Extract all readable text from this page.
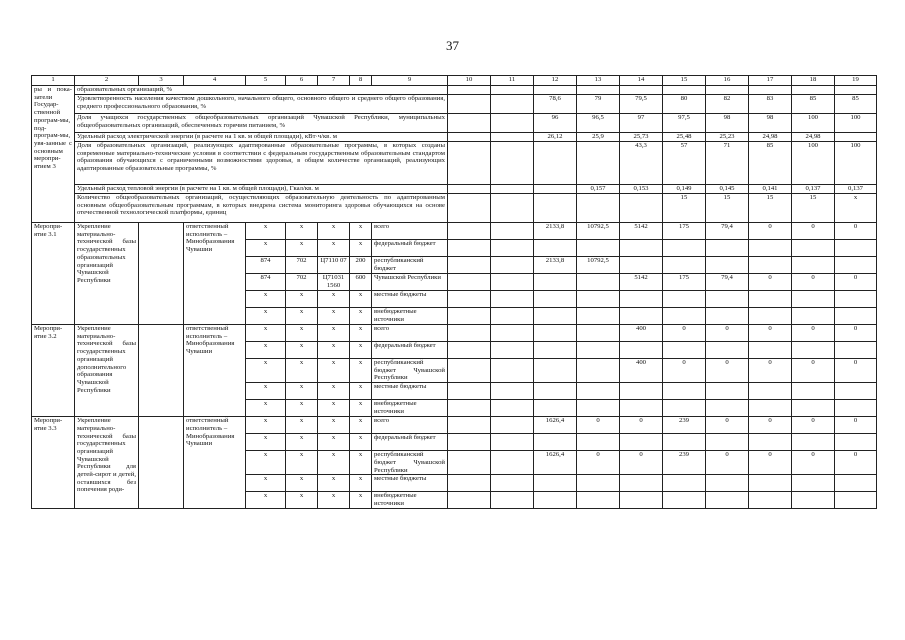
37
1	2	3	4	5	6	7	8	9	10	11	12	13	14	15	16	17	18	19
ры и пока-затели Государ-ственной програм-мы, под-програм-мы, увя-занные с основным меропри-ятием 3	образовательных организаций, %																	
	Удовлетворенность населения качеством дошкольного, начального общего, основного общего и среднего общего образования, среднего профессионального образования, %										78,6	79	79,5	80	82	83	85	85
	Доля учащихся государственных общеобразовательных организаций Чувашской Республики, муниципальных общеобразовательных организаций, обеспеченных горячим питанием, %										96	96,5	97	97,5	98	98	100	100
	Удельный расход электрической энергии (в расчете на 1 кв. м общей площади), кВт·ч/кв. м										26,12	25,9	25,73	25,48	25,23	24,98	24,98	
	Доля образовательных организаций, реализующих адаптированные образовательные программы, в которых созданы современные материально-технические условия в соответствии с федеральным государственным образовательным стандартом образования обучающихся с ограниченными возможностями здоровья, в общем количестве организаций, реализующих адаптированные образовательные программы, %												43,3	57	71	85	100	100
	Удельный расход тепловой энергии (в расчете на 1 кв. м общей площади), Гкал/кв. м											0,157	0,153	0,149	0,145	0,141	0,137	0,137
	Количество общеобразовательных организаций, осуществляющих образовательную деятельность по адаптированным основным общеобразовательным программам, в которых внедрена система мониторинга здоровья обучающихся на основе отечественной технологической платформы, единиц													15	15	15	15	x
Меропри-ятие 3.1	Укрепление материально-технической базы государственных образовательных организаций Чувашской Республики		ответственный исполнитель – Минобразования Чувашии	x	x	x	x	всего			2133,8	10792,5	5142	175	79,4	0	0	0
				x	x	x	x	федеральный бюджет										
				874	702	Ц7110 07	200	республиканский бюджет			2133,8	10792,5						
				874	702	Ц71031 1560	600	Чувашской Республики					5142	175	79,4	0	0	0
				x	x	x	x	местные бюджеты										
				x	x	x	x	внебюджетные источники										
Меропри-ятие 3.2	Укрепление материально-технической базы государственных организаций дополнительного образования Чувашской Республики		ответственный исполнитель – Минобразования Чувашии	x	x	x	x	всего					400	0	0	0	0	0
				x	x	x	x	федеральный бюджет										
				x	x	x	x	республиканский бюджет Чувашской Республики					400	0	0	0	0	0
				x	x	x	x	местные бюджеты										
				x	x	x	x	внебюджетные источники										
Меропри-ятие 3.3	Укрепление материально-технической базы государственных организаций Чувашской Республики для детей-сирот и детей, оставшихся без попечения роди-		ответственный исполнитель – Минобразования Чувашии	x	x	x	x	всего			1626,4	0	0	239	0	0	0	0
				x	x	x	x	федеральный бюджет										
				x	x	x	x	республиканский бюджет Чувашской Республики			1626,4	0	0	239	0	0	0	0
				x	x	x	x	местные бюджеты										
				x	x	x	x	внебюджетные источники										
